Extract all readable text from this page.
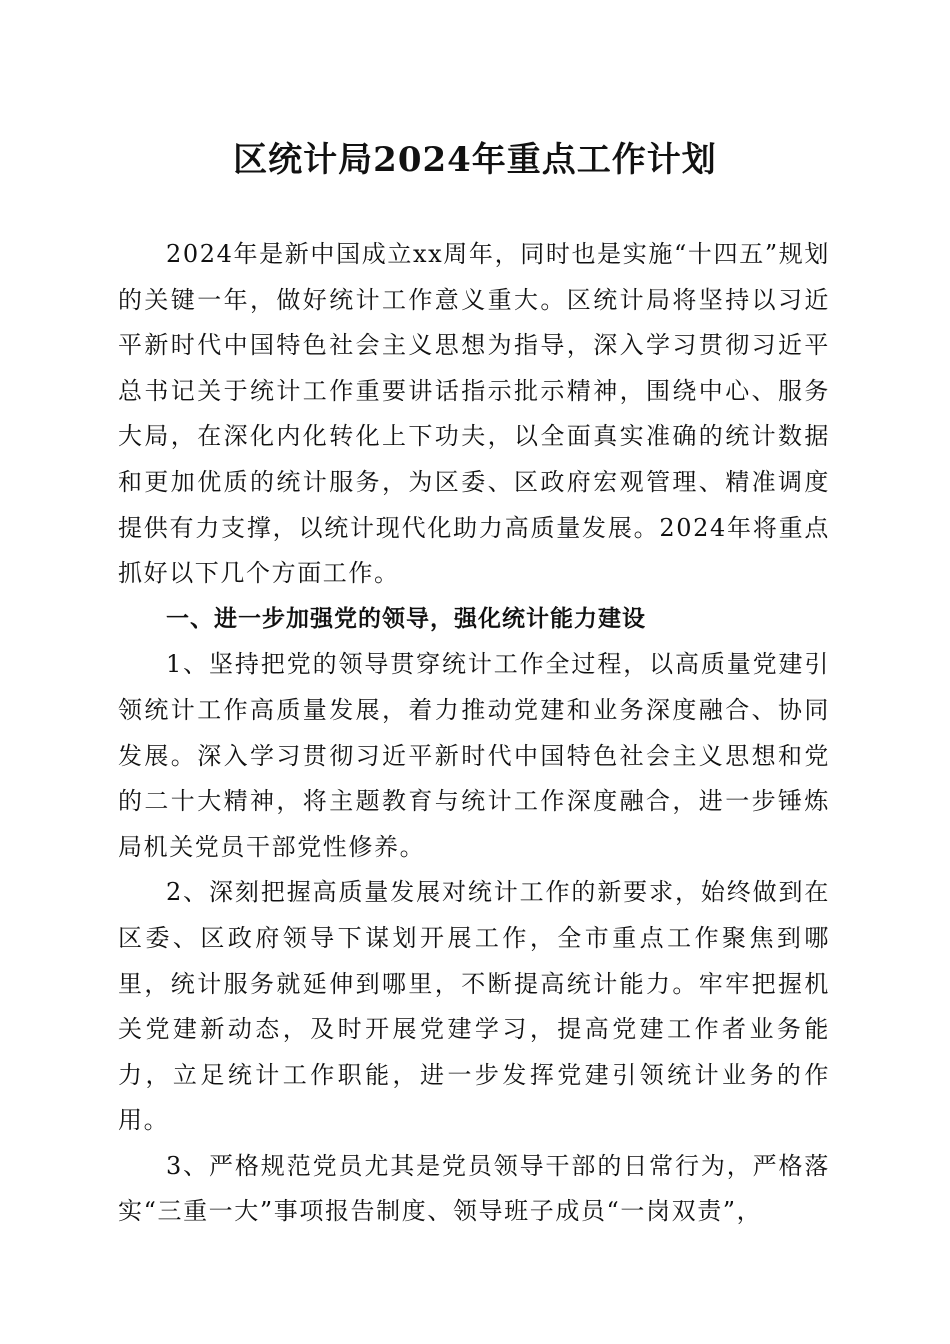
区统计局2024年重点工作计划

2024年是新中国成立xx周年，同时也是实施“十四五”规划的关键一年，做好统计工作意义重大。区统计局将坚持以习近平新时代中国特色社会主义思想为指导，深入学习贯彻习近平总书记关于统计工作重要讲话指示批示精神，围绕中心、服务大局，在深化内化转化上下功夫，以全面真实准确的统计数据和更加优质的统计服务，为区委、区政府宏观管理、精准调度提供有力支撑，以统计现代化助力高质量发展。2024年将重点抓好以下几个方面工作。

一、进一步加强党的领导，强化统计能力建设

1、坚持把党的领导贯穿统计工作全过程，以高质量党建引领统计工作高质量发展，着力推动党建和业务深度融合、协同发展。深入学习贯彻习近平新时代中国特色社会主义思想和党的二十大精神，将主题教育与统计工作深度融合，进一步锤炼局机关党员干部党性修养。

2、深刻把握高质量发展对统计工作的新要求，始终做到在区委、区政府领导下谋划开展工作，全市重点工作聚焦到哪里，统计服务就延伸到哪里，不断提高统计能力。牢牢把握机关党建新动态，及时开展党建学习，提高党建工作者业务能力，立足统计工作职能，进一步发挥党建引领统计业务的作用。

3、严格规范党员尤其是党员领导干部的日常行为，严格落实“三重一大”事项报告制度、领导班子成员“一岗双责”，
